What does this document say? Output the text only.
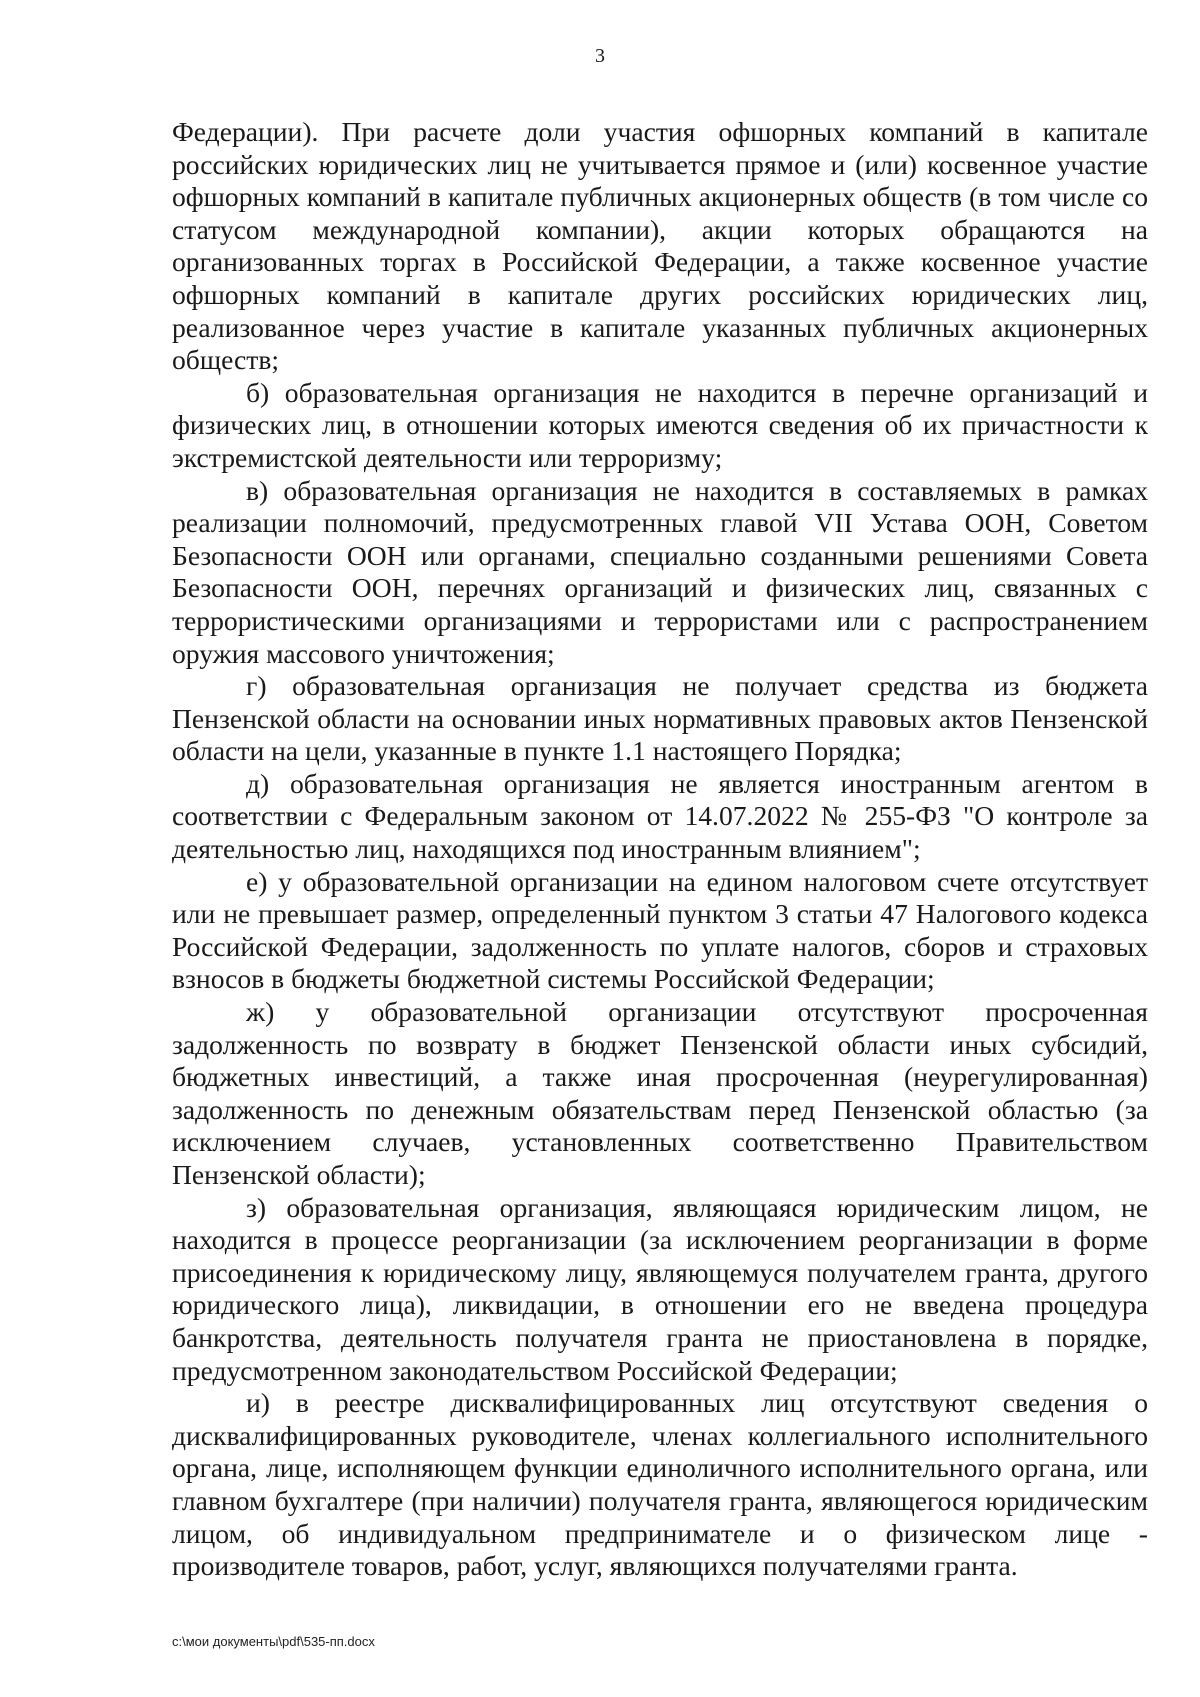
3

Федерации). При расчете доли участия офшорных компаний в капитале российских юридических лиц не учитывается прямое и (или) косвенное участие офшорных компаний в капитале публичных акционерных обществ (в том числе со статусом международной компании), акции которых обращаются на организованных торгах в Российской Федерации, а также косвенное участие офшорных компаний в капитале других российских юридических лиц, реализованное через участие в капитале указанных публичных акционерных обществ;

б) образовательная организация не находится в перечне организаций и физических лиц, в отношении которых имеются сведения об их причастности к экстремистской деятельности или терроризму;

в) образовательная организация не находится в составляемых в рамках реализации полномочий, предусмотренных главой VII Устава ООН, Советом Безопасности ООН или органами, специально созданными решениями Совета Безопасности ООН, перечнях организаций и физических лиц, связанных с террористическими организациями и террористами или с распространением оружия массового уничтожения;

г) образовательная организация не получает средства из бюджета Пензенской области на основании иных нормативных правовых актов Пензенской области на цели, указанные в пункте 1.1 настоящего Порядка;

д) образовательная организация не является иностранным агентом в соответствии с Федеральным законом от 14.07.2022 № 255-ФЗ "О контроле за деятельностью лиц, находящихся под иностранным влиянием";

е) у образовательной организации на едином налоговом счете отсутствует или не превышает размер, определенный пунктом 3 статьи 47 Налогового кодекса Российской Федерации, задолженность по уплате налогов, сборов и страховых взносов в бюджеты бюджетной системы Российской Федерации;

ж) у образовательной организации отсутствуют просроченная задолженность по возврату в бюджет Пензенской области иных субсидий, бюджетных инвестиций, а также иная просроченная (неурегулированная) задолженность по денежным обязательствам перед Пензенской областью (за исключением случаев, установленных соответственно Правительством Пензенской области);

з) образовательная организация, являющаяся юридическим лицом, не находится в процессе реорганизации (за исключением реорганизации в форме присоединения к юридическому лицу, являющемуся получателем гранта, другого юридического лица), ликвидации, в отношении его не введена процедура банкротства, деятельность получателя гранта не приостановлена в порядке, предусмотренном законодательством Российской Федерации;

и) в реестре дисквалифицированных лиц отсутствуют сведения о дисквалифицированных руководителе, членах коллегиального исполнительного органа, лице, исполняющем функции единоличного исполнительного органа, или главном бухгалтере (при наличии) получателя гранта, являющегося юридическим лицом, об индивидуальном предпринимателе и о физическом лице - производителе товаров, работ, услуг, являющихся получателями гранта.

c:\мои документы\pdf\535-пп.docx
